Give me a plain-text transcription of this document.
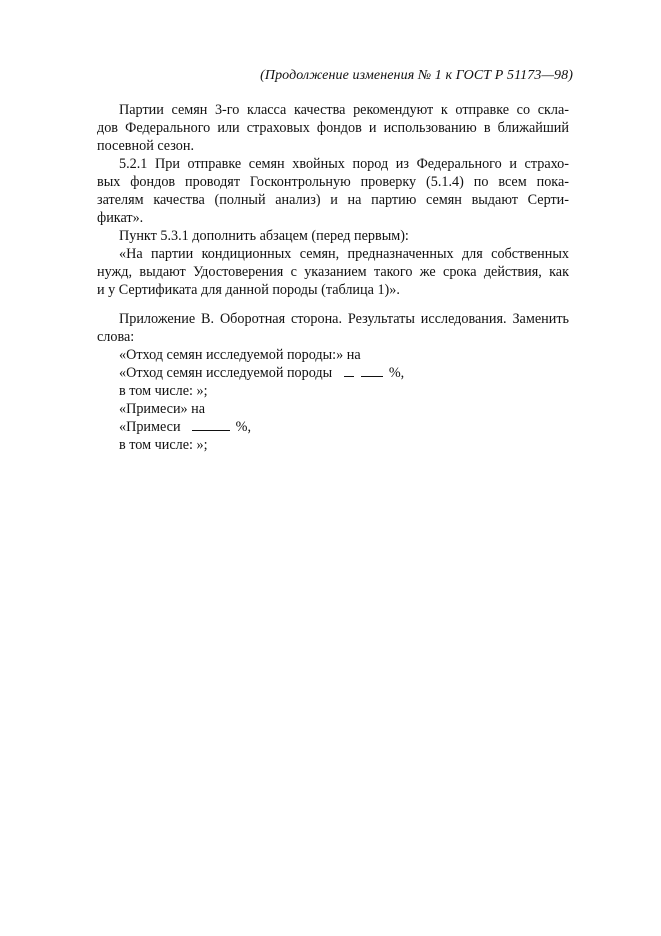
(Продолжение изменения № 1 к ГОСТ Р 51173—98)
Партии семян 3-го класса качества рекомендуют к отправке со скла-
дов Федерального или страховых фондов и использованию в ближайший
посевной сезон.
5.2.1 При отправке семян хвойных пород из Федерального и страхо-
вых фондов проводят Госконтрольную проверку (5.1.4) по всем пока-
зателям качества (полный анализ) и на партию семян выдают Серти-
фикат».
Пункт 5.3.1 дополнить абзацем (перед первым):
«На партии кондиционных семян, предназначенных для собственных
нужд, выдают Удостоверения с указанием такого же срока действия, как
и у Сертификата для данной породы (таблица 1)».
Приложение В. Оборотная сторона. Результаты исследования. Заменить
слова:
«Отход семян исследуемой породы:» на
«Отход семян исследуемой породы	%,
в том числе: »;
«Примеси» на
«Примеси	%,
в том числе: »;
